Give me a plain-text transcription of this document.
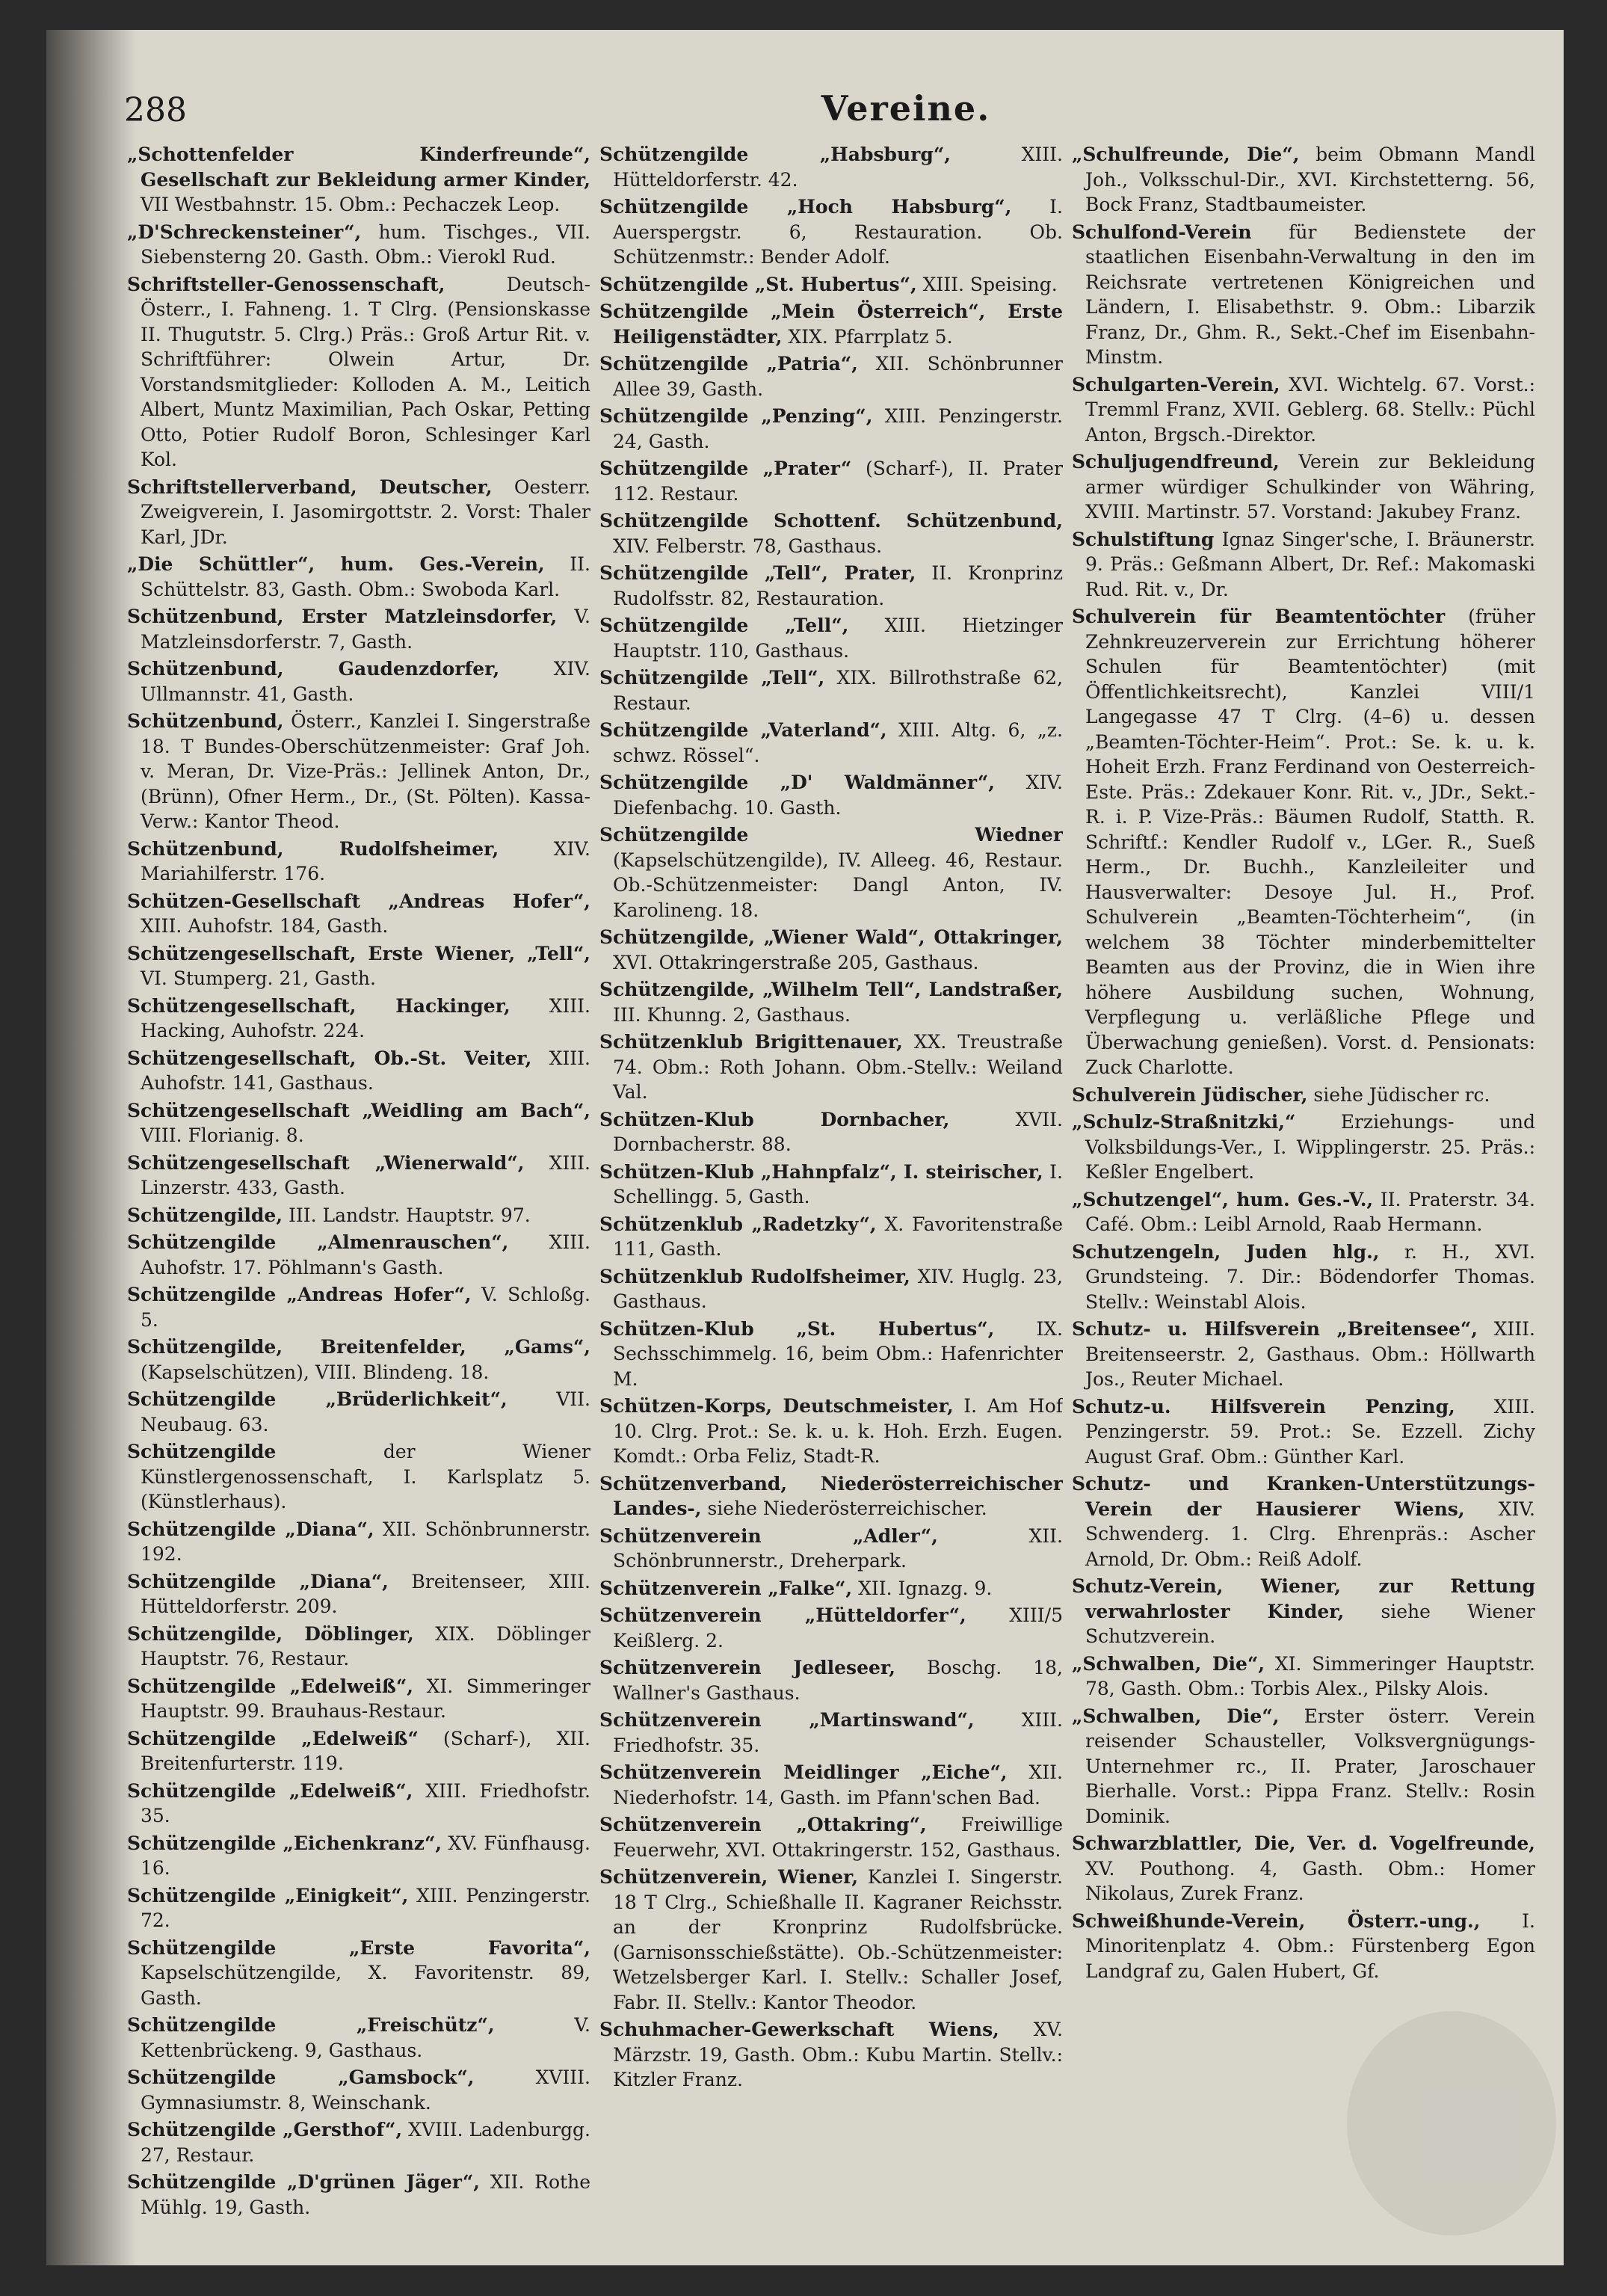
288	Vereine.

„Schottenfelder Kinderfreunde“, Gesellschaft zur Bekleidung armer Kinder, VII Westbahnstr. 15. Obm.: Pechaczek Leop.

„D'Schreckensteiner“, hum. Tischges., VII. Siebensterng 20. Gasth. Obm.: Vierokl Rud.

Schriftsteller-Genossenschaft, Deutsch-Österr., I. Fahneng. 1. T Clrg. (Pensionskasse II. Thugutstr. 5. Clrg.) Präs.: Groß Artur Rit. v. Schriftführer: Olwein Artur, Dr. Vorstandsmitglieder: Kolloden A. M., Leitich Albert, Muntz Maximilian, Pach Oskar, Petting Otto, Potier Rudolf Boron, Schlesinger Karl Kol.

Schriftstellerverband, Deutscher, Oesterr. Zweigverein, I. Jasomirgottstr. 2. Vorst: Thaler Karl, JDr.

„Die Schüttler“, hum. Ges.-Verein, II. Schüttelstr. 83, Gasth. Obm.: Swoboda Karl.

Schützenbund, Erster Matzleinsdorfer, V. Matzleinsdorferstr. 7, Gasth.

Schützenbund, Gaudenzdorfer, XIV. Ullmannstr. 41, Gasth.

Schützenbund, Österr., Kanzlei I. Singerstraße 18. T Bundes-Oberschützenmeister: Graf Joh. v. Meran, Dr. Vize-Präs.: Jellinek Anton, Dr., (Brünn), Ofner Herm., Dr., (St. Pölten). Kassa-Verw.: Kantor Theod.

Schützenbund, Rudolfsheimer, XIV. Mariahilferstr. 176.

Schützen-Gesellschaft „Andreas Hofer“, XIII. Auhofstr. 184, Gasth.

Schützengesellschaft, Erste Wiener, „Tell“, VI. Stumperg. 21, Gasth.

Schützengesellschaft, Hackinger, XIII. Hacking, Auhofstr. 224.

Schützengesellschaft, Ob.-St. Veiter, XIII. Auhofstr. 141, Gasthaus.

Schützengesellschaft „Weidling am Bach“, VIII. Florianig. 8.

Schützengesellschaft „Wienerwald“, XIII. Linzerstr. 433, Gasth.

Schützengilde, III. Landstr. Hauptstr. 97.

Schützengilde „Almenrauschen“, XIII. Auhofstr. 17. Pöhlmann's Gasth.

Schützengilde „Andreas Hofer“, V. Schloßg. 5.

Schützengilde, Breitenfelder, „Gams“, (Kapselschützen), VIII. Blindeng. 18.

Schützengilde „Brüderlichkeit“, VII. Neubaug. 63.

Schützengilde der Wiener Künstlergenossenschaft, I. Karlsplatz 5. (Künstlerhaus).

Schützengilde „Diana“, XII. Schönbrunnerstr. 192.

Schützengilde „Diana“, Breitenseer, XIII. Hütteldorferstr. 209.

Schützengilde, Döblinger, XIX. Döblinger Hauptstr. 76, Restaur.

Schützengilde „Edelweiß“, XI. Simmeringer Hauptstr. 99. Brauhaus-Restaur.

Schützengilde „Edelweiß“ (Scharf-), XII. Breitenfurterstr. 119.

Schützengilde „Edelweiß“, XIII. Friedhofstr. 35.

Schützengilde „Eichenkranz“, XV. Fünfhausg. 16.

Schützengilde „Einigkeit“, XIII. Penzingerstr. 72.

Schützengilde „Erste Favorita“, Kapselschützengilde, X. Favoritenstr. 89, Gasth.

Schützengilde „Freischütz“, V. Kettenbrückeng. 9, Gasthaus.

Schützengilde „Gamsbock“, XVIII. Gymnasiumstr. 8, Weinschank.

Schützengilde „Gersthof“, XVIII. Ladenburgg. 27, Restaur.

Schützengilde „D'grünen Jäger“, XII. Rothe Mühlg. 19, Gasth.

Schützengilde „Habsburg“, XIII. Hütteldorferstr. 42.

Schützengilde „Hoch Habsburg“, I. Auerspergstr. 6, Restauration. Ob. Schützenmstr.: Bender Adolf.

Schützengilde „St. Hubertus“, XIII. Speising.

Schützengilde „Mein Österreich“, Erste Heiligenstädter, XIX. Pfarrplatz 5.

Schützengilde „Patria“, XII. Schönbrunner Allee 39, Gasth.

Schützengilde „Penzing“, XIII. Penzingerstr. 24, Gasth.

Schützengilde „Prater“ (Scharf-), II. Prater 112. Restaur.

Schützengilde Schottenf. Schützenbund, XIV. Felberstr. 78, Gasthaus.

Schützengilde „Tell“, Prater, II. Kronprinz Rudolfsstr. 82, Restauration.

Schützengilde „Tell“, XIII. Hietzinger Hauptstr. 110, Gasthaus.

Schützengilde „Tell“, XIX. Billrothstraße 62, Restaur.

Schützengilde „Vaterland“, XIII. Altg. 6, „z. schwz. Rössel“.

Schützengilde „D' Waldmänner“, XIV. Diefenbachg. 10. Gasth.

Schützengilde Wiedner (Kapselschützengilde), IV. Alleeg. 46, Restaur. Ob.-Schützenmeister: Dangl Anton, IV. Karolineng. 18.

Schützengilde, „Wiener Wald“, Ottakringer, XVI. Ottakringerstraße 205, Gasthaus.

Schützengilde, „Wilhelm Tell“, Landstraßer, III. Khunng. 2, Gasthaus.

Schützenklub Brigittenauer, XX. Treustraße 74. Obm.: Roth Johann. Obm.-Stellv.: Weiland Val.

Schützen-Klub Dornbacher, XVII. Dornbacherstr. 88.

Schützen-Klub „Hahnpfalz“, I. steirischer, I. Schellingg. 5, Gasth.

Schützenklub „Radetzky“, X. Favoritenstraße 111, Gasth.

Schützenklub Rudolfsheimer, XIV. Huglg. 23, Gasthaus.

Schützen-Klub „St. Hubertus“, IX. Sechsschimmelg. 16, beim Obm.: Hafenrichter M.

Schützen-Korps, Deutschmeister, I. Am Hof 10. Clrg. Prot.: Se. k. u. k. Hoh. Erzh. Eugen. Komdt.: Orba Feliz, Stadt-R.

Schützenverband, Niederösterreichischer Landes-, siehe Niederösterreichischer.

Schützenverein „Adler“, XII. Schönbrunnerstr., Dreherpark.

Schützenverein „Falke“, XII. Ignazg. 9.

Schützenverein „Hütteldorfer“, XIII/5 Keißlerg. 2.

Schützenverein Jedleseer, Boschg. 18, Wallner's Gasthaus.

Schützenverein „Martinswand“, XIII. Friedhofstr. 35.

Schützenverein Meidlinger „Eiche“, XII. Niederhofstr. 14, Gasth. im Pfann'schen Bad.

Schützenverein „Ottakring“, Freiwillige Feuerwehr, XVI. Ottakringerstr. 152, Gasthaus.

Schützenverein, Wiener, Kanzlei I. Singerstr. 18 T Clrg., Schießhalle II. Kagraner Reichsstr. an der Kronprinz Rudolfsbrücke. (Garnisonsschießstätte). Ob.-Schützenmeister: Wetzelsberger Karl. I. Stellv.: Schaller Josef, Fabr. II. Stellv.: Kantor Theodor.

Schuhmacher-Gewerkschaft Wiens, XV. Märzstr. 19, Gasth. Obm.: Kubu Martin. Stellv.: Kitzler Franz.

„Schulfreunde, Die“, beim Obmann Mandl Joh., Volksschul-Dir., XVI. Kirchstetterng. 56, Bock Franz, Stadtbaumeister.

Schulfond-Verein für Bedienstete der staatlichen Eisenbahn-Verwaltung in den im Reichsrate vertretenen Königreichen und Ländern, I. Elisabethstr. 9. Obm.: Libarzik Franz, Dr., Ghm. R., Sekt.-Chef im Eisenbahn-Minstm.

Schulgarten-Verein, XVI. Wichtelg. 67. Vorst.: Tremml Franz, XVII. Geblerg. 68. Stellv.: Püchl Anton, Brgsch.-Direktor.

Schuljugendfreund, Verein zur Bekleidung armer würdiger Schulkinder von Währing, XVIII. Martinstr. 57. Vorstand: Jakubey Franz.

Schulstiftung Ignaz Singer'sche, I. Bräunerstr. 9. Präs.: Geßmann Albert, Dr. Ref.: Makomaski Rud. Rit. v., Dr.

Schulverein für Beamtentöchter (früher Zehnkreuzerverein zur Errichtung höherer Schulen für Beamtentöchter) (mit Öffentlichkeitsrecht), Kanzlei VIII/1 Langegasse 47 T Clrg. (4–6) u. dessen „Beamten-Töchter-Heim“. Prot.: Se. k. u. k. Hoheit Erzh. Franz Ferdinand von Oesterreich-Este. Präs.: Zdekauer Konr. Rit. v., JDr., Sekt.-R. i. P. Vize-Präs.: Bäumen Rudolf, Statth. R. Schriftf.: Kendler Rudolf v., LGer. R., Sueß Herm., Dr. Buchh., Kanzleileiter und Hausverwalter: Desoye Jul. H., Prof. Schulverein „Beamten-Töchterheim“, (in welchem 38 Töchter minderbemittelter Beamten aus der Provinz, die in Wien ihre höhere Ausbildung suchen, Wohnung, Verpflegung u. verläßliche Pflege und Überwachung genießen). Vorst. d. Pensionats: Zuck Charlotte.

Schulverein Jüdischer, siehe Jüdischer rc.

„Schulz-Straßnitzki,“ Erziehungs- und Volksbildungs-Ver., I. Wipplingerstr. 25. Präs.: Keßler Engelbert.

„Schutzengel“, hum. Ges.-V., II. Praterstr. 34. Café. Obm.: Leibl Arnold, Raab Hermann.

Schutzengeln, Juden hlg., r. H., XVI. Grundsteing. 7. Dir.: Bödendorfer Thomas. Stellv.: Weinstabl Alois.

Schutz- u. Hilfsverein „Breitensee“, XIII. Breitenseerstr. 2, Gasthaus. Obm.: Höllwarth Jos., Reuter Michael.

Schutz-u. Hilfsverein Penzing, XIII. Penzingerstr. 59. Prot.: Se. Ezzell. Zichy August Graf. Obm.: Günther Karl.

Schutz- und Kranken-Unterstützungs-Verein der Hausierer Wiens, XIV. Schwenderg. 1. Clrg. Ehrenpräs.: Ascher Arnold, Dr. Obm.: Reiß Adolf.

Schutz-Verein, Wiener, zur Rettung verwahrloster Kinder, siehe Wiener Schutzverein.

„Schwalben, Die“, XI. Simmeringer Hauptstr. 78, Gasth. Obm.: Torbis Alex., Pilsky Alois.

„Schwalben, Die“, Erster österr. Verein reisender Schausteller, Volksvergnügungs-Unternehmer rc., II. Prater, Jaroschauer Bierhalle. Vorst.: Pippa Franz. Stellv.: Rosin Dominik.

Schwarzblattler, Die, Ver. d. Vogelfreunde, XV. Pouthong. 4, Gasth. Obm.: Homer Nikolaus, Zurek Franz.

Schweißhunde-Verein, Österr.-ung., I. Minoritenplatz 4. Obm.: Fürstenberg Egon Landgraf zu, Galen Hubert, Gf.
